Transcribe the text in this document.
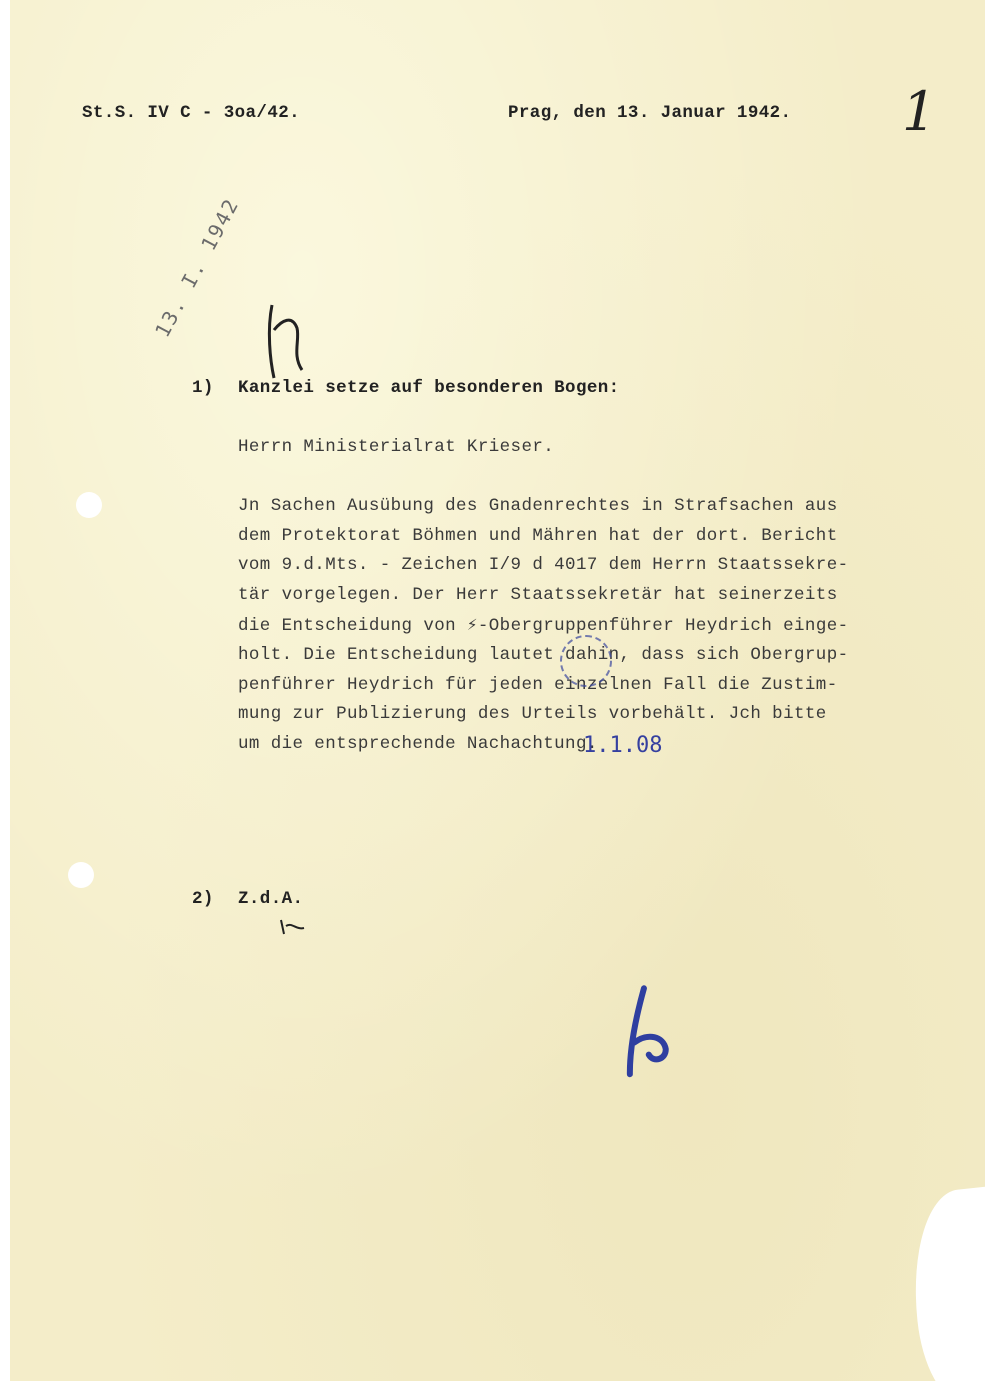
St.S. IV C - 3oa/42.	Prag, den 13. Januar 1942. 1
13. I. 1942
1) Kanzlei setze auf besonderen Bogen:
Herrn Ministerialrat Krieser.
Jn Sachen Ausübung des Gnadenrechtes in Strafsachen aus
dem Protektorat Böhmen und Mähren hat der dort. Bericht
vom 9.d.Mts. - Zeichen I/9 d 4017 dem Herrn Staatssekre-
tär vorgelegen. Der Herr Staatssekretär hat seinerzeits
die Entscheidung von ⚡-Obergruppenführer Heydrich einge-
holt. Die Entscheidung lautet dahin, dass sich Obergrup-
penführer Heydrich für jeden einzelnen Fall die Zustim-
mung zur Publizierung des Urteils vorbehält. Jch bitte
um die entsprechende Nachachtung.
1.1.08
2) Z.d.A.
